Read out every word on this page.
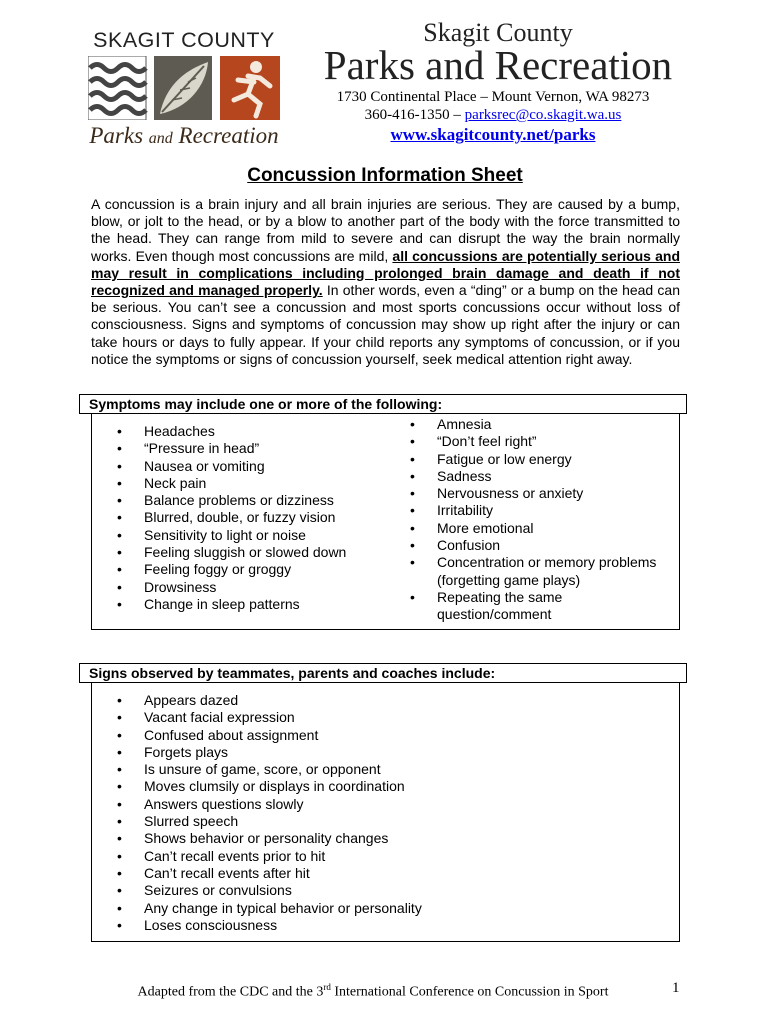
SKAGIT COUNTY
Parks and Recreation
Skagit County
Parks and Recreation
1730 Continental Place – Mount Vernon, WA 98273
360-416-1350 – parksrec@co.skagit.wa.us
www.skagitcounty.net/parks
Concussion Information Sheet

A concussion is a brain injury and all brain injuries are serious. They are caused by a bump, blow, or jolt to the head, or by a blow to another part of the body with the force transmitted to the head. They can range from mild to severe and can disrupt the way the brain normally works. Even though most concussions are mild, all concussions are potentially serious and may result in complications including prolonged brain damage and death if not recognized and managed properly. In other words, even a “ding” or a bump on the head can be serious. You can’t see a concussion and most sports concussions occur without loss of consciousness. Signs and symptoms of concussion may show up right after the injury or can take hours or days to fully appear. If your child reports any symptoms of concussion, or if you notice the symptoms or signs of concussion yourself, seek medical attention right away.

Symptoms may include one or more of the following:
• Headaches
• “Pressure in head”
• Nausea or vomiting
• Neck pain
• Balance problems or dizziness
• Blurred, double, or fuzzy vision
• Sensitivity to light or noise
• Feeling sluggish or slowed down
• Feeling foggy or groggy
• Drowsiness
• Change in sleep patterns
• Amnesia
• “Don’t feel right”
• Fatigue or low energy
• Sadness
• Nervousness or anxiety
• Irritability
• More emotional
• Confusion
• Concentration or memory problems (forgetting game plays)
• Repeating the same question/comment
Signs observed by teammates, parents and coaches include:
• Appears dazed
• Vacant facial expression
• Confused about assignment
• Forgets plays
• Is unsure of game, score, or opponent
• Moves clumsily or displays in coordination
• Answers questions slowly
• Slurred speech
• Shows behavior or personality changes
• Can’t recall events prior to hit
• Can’t recall events after hit
• Seizures or convulsions
• Any change in typical behavior or personality
• Loses consciousness
Adapted from the CDC and the 3rd International Conference on Concussion in Sport	1
